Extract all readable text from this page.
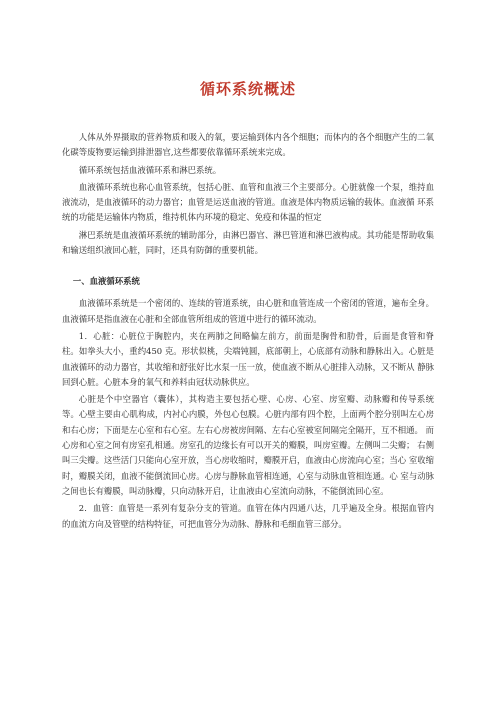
循环系统概述

人体从外界摄取的营养物质和吸入的氧，要运输到体内各个细胞；而体内的各个细胞产生的二氧化碳等废物要运输到排泄器官,这些都要依靠循环系统来完成。

循环系统包括血液循环系和淋巴系统。

血液循环系统也称心血管系统，包括心脏、血管和血液三个主要部分。心脏就像一个泵，维持血液流动，是血液循环的动力器官；血管是运送血液的管道。血液是体内物质运输的载体。血液循 环系统的功能是运输体内物质，维持机体内环境的稳定、免疫和体温的恒定

淋巴系统是血液循环系统的辅助部分，由淋巴器官、淋巴管道和淋巴液构成。其功能是帮助收集和输送组织液回心脏，同时，还具有防御的重要机能。

一、血液循环系统

血液循环系统是一个密闭的、连续的管道系统，由心脏和血管连成一个密闭的管道，遍布全身。血液循环是指血液在心脏和全部血管所组成的管道中进行的循环流动。

1．心脏：心脏位于胸腔内，夹在两肺之间略偏左前方，前面是胸骨和肋骨，后面是食管和脊柱。如拳头大小，重约450 克。形状似桃，尖端钝圆，底部朝上，心底部有动脉和静脉出入。心脏是血液循环的动力器官，其收缩和舒张好比水泵一压一放，使血液不断从心脏排入动脉，又不断从 静脉回到心脏。心脏本身的氧气和养料由冠状动脉供应。

心脏是个中空器官（囊体），其构造主要包括心壁、心房、心室、房室瓣、动脉瓣和传导系统等。心壁主要由心肌构成，内衬心内膜，外包心包膜。心脏内部有四个腔，上面两个腔分别叫左心房和右心房；下面是左心室和右心室。左右心房被房间隔、左右心室被室间隔完全隔开，互不相通。 而心房和心室之间有房室孔相通。房室孔的边缘长有可以开关的瓣膜，叫房室瓣。左侧叫二尖瓣； 右侧叫三尖瓣。这些活门只能向心室开放，当心房收缩时，瓣膜开启，血液由心房流向心室；当心 室收缩时，瓣膜关闭，血液不能倒流回心房。心房与静脉血管相连通，心室与动脉血管相连通。心 室与动脉之间也长有瓣膜，叫动脉瓣，只向动脉开启，让血液由心室流向动脉，不能倒流回心室。

2．血管：血管是一系列有复杂分支的管道。血管在体内四通八达，几乎遍及全身。根据血管内的血流方向及管壁的结构特征，可把血管分为动脉、静脉和毛细血管三部分。
